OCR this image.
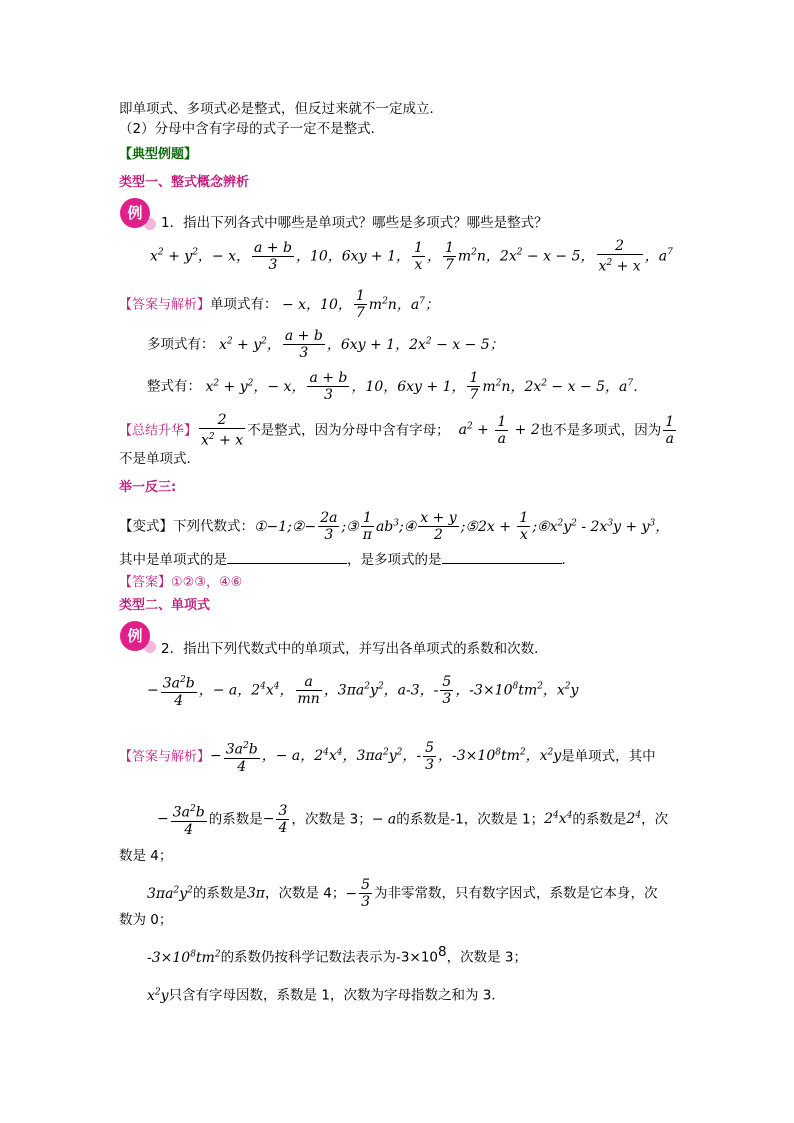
即单项式、多项式必是整式，但反过来就不一定成立．
（2）分母中含有字母的式子一定不是整式．
【典型例题】
类型一、整式概念辨析
例
1．指出下列各式中哪些是单项式？哪些是多项式？哪些是整式？
$x^2 + y^2$，− x， $\frac{a + b}{3}$ ，10，6xy + 1， $\frac{1}{x}$ ， $\frac{1}{7} m^2n$，$2x^2 - x - 5$， $\frac{2}{x^2 + x}$ ，$a^7$
【答案与解析】单项式有： − x，10， $\frac{1}{7} m^2n$，$a^7$；
多项式有： $x^2 + y^2$， $\frac{a + b}{3}$ ，6xy + 1，$2x^2 - x - 5$；
整式有： $x^2 + y^2$，− x， $\frac{a + b}{3}$ ，10，6xy + 1， $\frac{1}{7} m^2n$，$2x^2 - x - 5$，$a^7$．
【总结升华】 $\frac{2}{x^2 + x}$ 不是整式，因为分母中含有字母；  $a^2 + \frac{1}{a} + 2$也不是多项式，因为 $\frac{1}{a}$
不是单项式．
举一反三:
【变式】下列代数式：①−1;②− $\frac{2a}{3}$ ;③ $\frac{1}{\pi}$ $ab^3;④ \frac{x + y}{2}$ ;⑤2x + $\frac{1}{x}$ $;⑥x^2y^2 - 2x^3y + y^3$，
其中是单项式的是	，是多项式的是	．
【答案】①②③，④⑥
类型二、单项式
例
2．指出下列代数式中的单项式，并写出各单项式的系数和次数．
− $\frac{3a^2b}{4}$ ，− a，$2^4x^4$， $\frac{a}{mn}$ ，$3\pi a^2y^2$，a-3，- $\frac{5}{3}$ ，$-3\times 10^8tm^2$，$x^2y$
【答案与解析】− $\frac{3a^2b}{4}$ ，− a，$2^4x^4$，$3\pi a^2y^2$，- $\frac{5}{3}$ ，$-3\times 10^8tm^2$，$x^2y$是单项式，其中
− $\frac{3a^2b}{4}$ 的系数是− $\frac{3}{4}$ ，次数是 3；− a的系数是-1，次数是 1；$2^4x^4$的系数是$2^4$，次
数是 4；
$3\pi a^2y^2$的系数是3π，次数是 4；− $\frac{5}{3}$ 为非零常数，只有数字因式，系数是它本身，次
数为 0；
$-3\times 10^8tm^2$的系数仍按科学记数法表示为$-3\times 10^8$，次数是 3；
$x^2y$只含有字母因数，系数是 1，次数为字母指数之和为 3．
